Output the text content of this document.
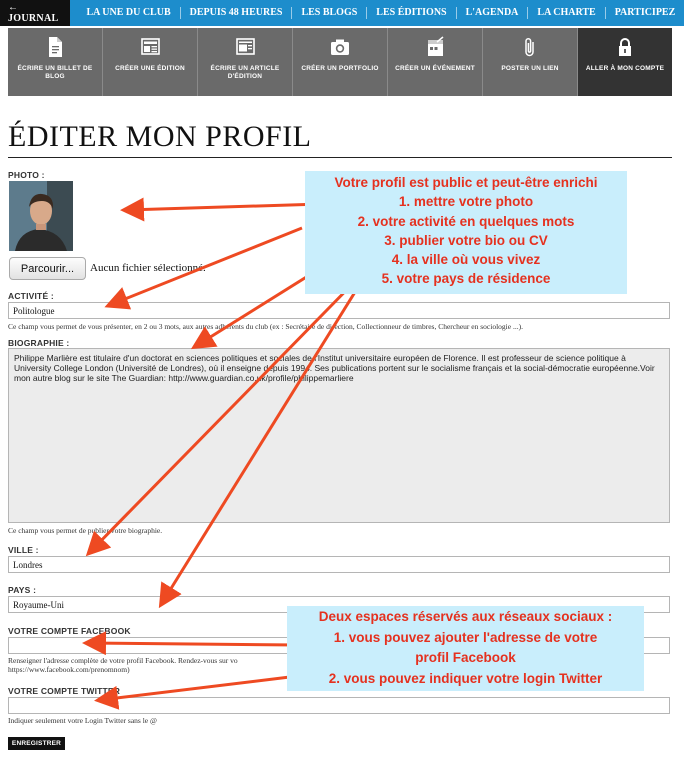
← JOURNAL
LA UNE DU CLUB	DEPUIS 48 HEURES	LES BLOGS	LES ÉDITIONS	L'AGENDA	LA CHARTE	PARTICIPEZ
ÉCRIRE UN BILLET DE BLOG
CRÉER UNE ÉDITION	ÉCRIRE UN ARTICLE D'ÉDITION
CRÉER UN PORTFOLIO	CRÉER UN ÉVÉNEMENT	POSTER UN LIEN	ALLER À MON COMPTE
ÉDITER MON PROFIL
PHOTO :
Parcourir...	Aucun fichier sélectionné.
ACTIVITÉ :
Politologue
Ce champ vous permet de vous présenter, en 2 ou 3 mots, aux autres adhérents du club (ex : Secrétaire de direction, Collectionneur de timbres, Chercheur en sociologie ...).
BIOGRAPHIE :
Philippe Marlière est titulaire d'un doctorat en sciences politiques et sociales de l'Institut universitaire européen de Florence. Il est professeur de science politique à University College London (Université de Londres), où il enseigne depuis 1994. Ses publications portent sur le socialisme français et la social-démocratie européenne.Voir mon autre blog sur le site The Guardian: http://www.guardian.co.uk/profile/philippemarliere
Ce champ vous permet de publier votre biographie.
VILLE :
Londres
PAYS :
Royaume-Uni
VOTRE COMPTE FACEBOOK
Renseigner l'adresse complète de votre profil Facebook. Rendez-vous sur vo
https://www.facebook.com/prenomnom)
VOTRE COMPTE TWITTER
Indiquer seulement votre Login Twitter sans le @
ENREGISTRER
Votre profil est public et peut-être enrichi
1. mettre votre photo
2. votre activité en quelques mots
3. publier votre bio ou CV
4. la ville où vous vivez
5. votre pays de résidence
Deux espaces réservés aux réseaux sociaux :
1. vous pouvez ajouter l'adresse de votre
profil Facebook
2. vous pouvez indiquer votre login Twitter
